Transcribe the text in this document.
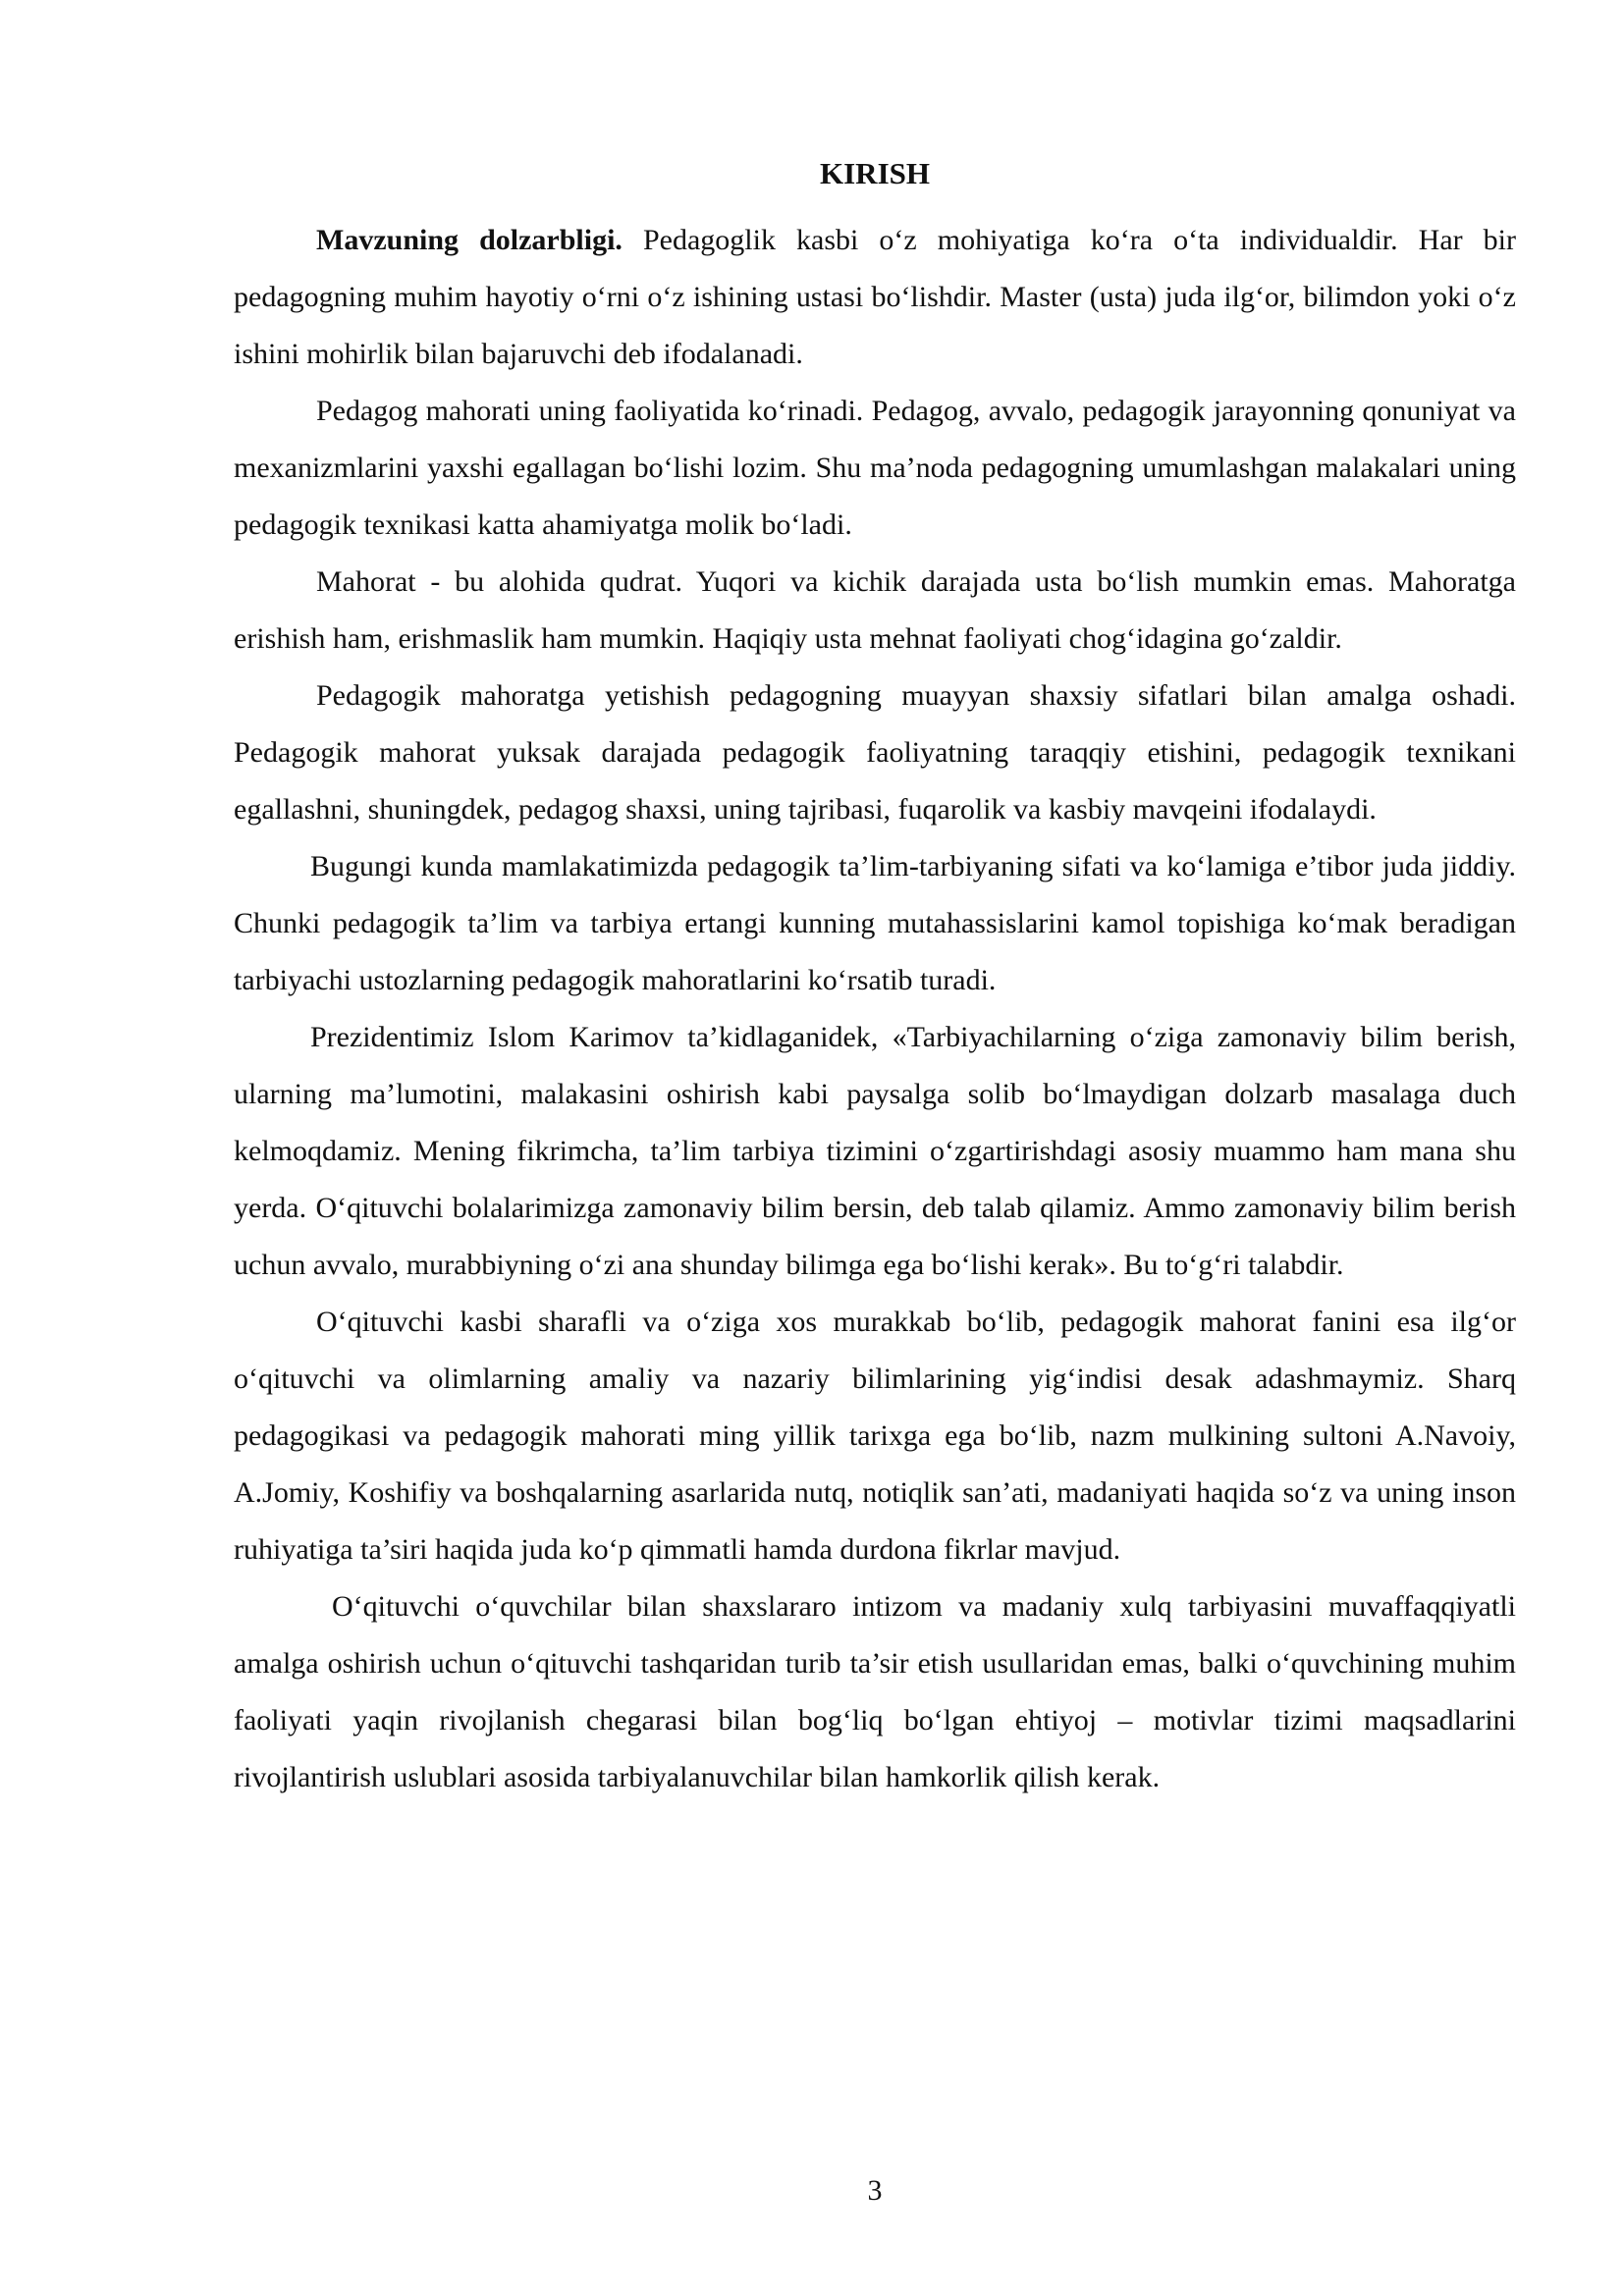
KIRISH

Mavzuning dolzarbligi. Pedagoglik kasbi o‘z mohiyatiga ko‘ra o‘ta individualdir. Har bir pedagogning muhim hayotiy o‘rni o‘z ishining ustasi bo‘lishdir. Master (usta) juda ilg‘or, bilimdon yoki o‘z ishini mohirlik bilan bajaruvchi deb ifodalanadi.

Pedagog mahorati uning faoliyatida ko‘rinadi. Pedagog, avvalo, pedagogik jarayonning qonuniyat va mexanizmlarini yaxshi egallagan bo‘lishi lozim. Shu ma’noda pedagogning umumlashgan malakalari uning pedagogik texnikasi katta ahamiyatga molik bo‘ladi.

Mahorat - bu alohida qudrat. Yuqori va kichik darajada usta bo‘lish mumkin emas. Mahoratga erishish ham, erishmaslik ham mumkin. Haqiqiy usta mehnat faoliyati chog‘idagina go‘zaldir.

Pedagogik mahoratga yetishish pedagogning muayyan shaxsiy sifatlari bilan amalga oshadi. Pedagogik mahorat yuksak darajada pedagogik faoliyatning taraqqiy etishini, pedagogik texnikani egallashni, shuningdek, pedagog shaxsi, uning tajribasi, fuqarolik va kasbiy mavqeini ifodalaydi.

Bugungi kunda mamlakatimizda pedagogik ta’lim-tarbiyaning sifati va ko‘lamiga e’tibor juda jiddiy. Chunki pedagogik ta’lim va tarbiya ertangi kunning mutahassislarini kamol topishiga ko‘mak beradigan tarbiyachi ustozlarning pedagogik mahoratlarini ko‘rsatib turadi.

Prezidentimiz Islom Karimov ta’kidlaganidek, «Tarbiyachilarning o‘ziga zamonaviy bilim berish, ularning ma’lumotini, malakasini oshirish kabi paysalga solib bo‘lmaydigan dolzarb masalaga duch kelmoqdamiz. Mening fikrimcha, ta’lim tarbiya tizimini o‘zgartirishdagi asosiy muammo ham mana shu yerda. O‘qituvchi bolalarimizga zamonaviy bilim bersin, deb talab qilamiz. Ammo zamonaviy bilim berish uchun avvalo, murabbiyning o‘zi ana shunday bilimga ega bo‘lishi kerak». Bu to‘g‘ri talabdir.

O‘qituvchi kasbi sharafli va o‘ziga xos murakkab bo‘lib, pedagogik mahorat fanini esa ilg‘or o‘qituvchi va olimlarning amaliy va nazariy bilimlarining yig‘indisi desak adashmaymiz. Sharq pedagogikasi va pedagogik mahorati ming yillik tarixga ega bo‘lib, nazm mulkining sultoni A.Navoiy, A.Jomiy, Koshifiy va boshqalarning asarlarida nutq, notiqlik san’ati, madaniyati haqida so‘z va uning inson ruhiyatiga ta’siri haqida juda ko‘p qimmatli hamda durdona fikrlar mavjud.

O‘qituvchi o‘quvchilar bilan shaxslararo intizom va madaniy xulq tarbiyasini muvaffaqqiyatli amalga oshirish uchun o‘qituvchi tashqaridan turib ta’sir etish usullaridan emas, balki o‘quvchining muhim faoliyati yaqin rivojlanish chegarasi bilan bog‘liq bo‘lgan ehtiyoj – motivlar tizimi maqsadlarini rivojlantirish uslublari asosida tarbiyalanuvchilar bilan hamkorlik qilish kerak.

3
